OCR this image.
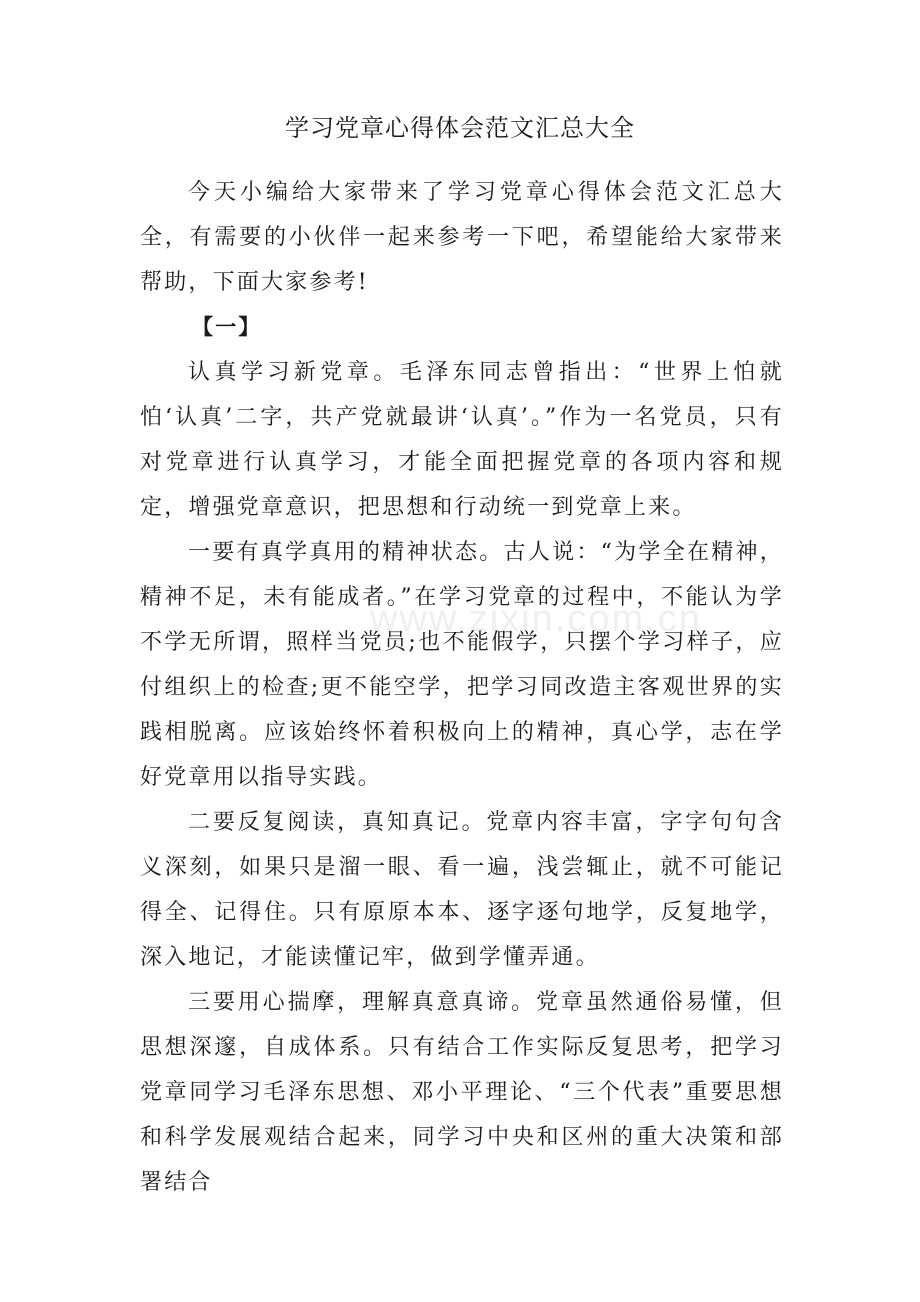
学习党章心得体会范文汇总大全

今天小编给大家带来了学习党章心得体会范文汇总大全，有需要的小伙伴一起来参考一下吧，希望能给大家带来帮助，下面大家参考!

【一】

认真学习新党章。毛泽东同志曾指出：“世界上怕就怕‘认真’二字，共产党就最讲‘认真’。”作为一名党员，只有对党章进行认真学习，才能全面把握党章的各项内容和规定，增强党章意识，把思想和行动统一到党章上来。

一要有真学真用的精神状态。古人说：“为学全在精神，精神不足，未有能成者。”在学习党章的过程中，不能认为学不学无所谓，照样当党员;也不能假学，只摆个学习样子，应付组织上的检查;更不能空学，把学习同改造主客观世界的实践相脱离。应该始终怀着积极向上的精神，真心学，志在学好党章用以指导实践。

二要反复阅读，真知真记。党章内容丰富，字字句句含义深刻，如果只是溜一眼、看一遍，浅尝辄止，就不可能记得全、记得住。只有原原本本、逐字逐句地学，反复地学，深入地记，才能读懂记牢，做到学懂弄通。

三要用心揣摩，理解真意真谛。党章虽然通俗易懂，但思想深邃，自成体系。只有结合工作实际反复思考，把学习党章同学习毛泽东思想、邓小平理论、“三个代表”重要思想和科学发展观结合起来，同学习中央和区州的重大决策和部署结合

www.zixin.com.cn
